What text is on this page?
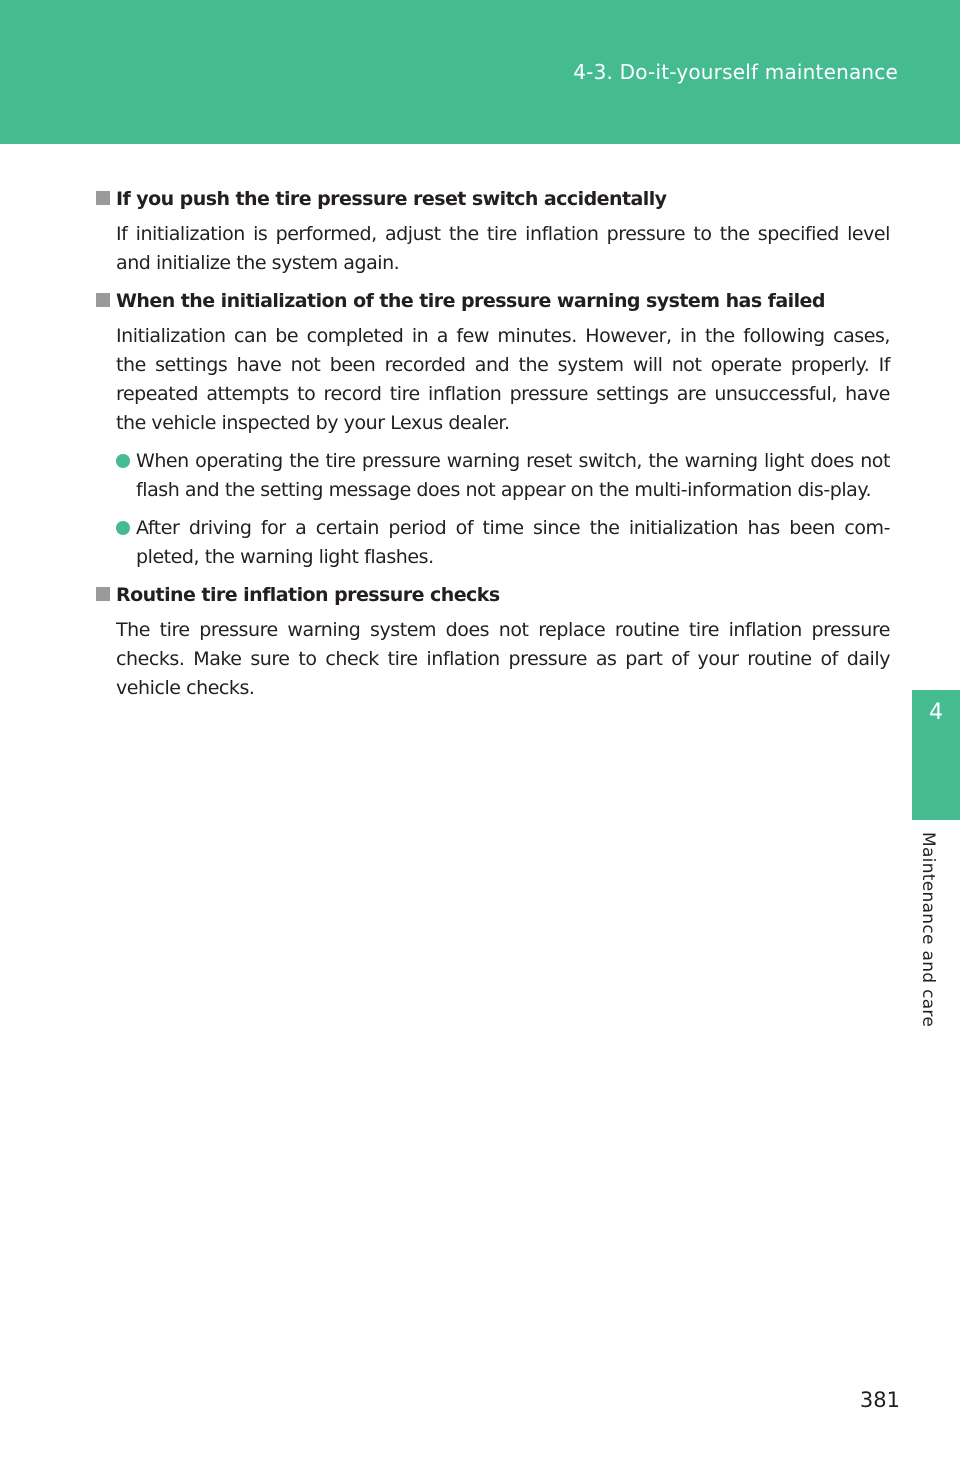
4-3. Do-it-yourself maintenance
4
Maintenance and care
If you push the tire pressure reset switch accidentally

If initialization is performed, adjust the tire inflation pressure to the specified level and initialize the system again.

When the initialization of the tire pressure warning system has failed

Initialization can be completed in a few minutes. However, in the following cases, the settings have not been recorded and the system will not operate properly. If repeated attempts to record tire inflation pressure settings are unsuccessful, have the vehicle inspected by your Lexus dealer.

When operating the tire pressure warning reset switch, the warning light does not flash and the setting message does not appear on the multi-information dis-play.
After driving for a certain period of time since the initialization has been com-pleted, the warning light flashes.
Routine tire inflation pressure checks

The tire pressure warning system does not replace routine tire inflation pressure checks. Make sure to check tire inflation pressure as part of your routine of daily vehicle checks.

381
